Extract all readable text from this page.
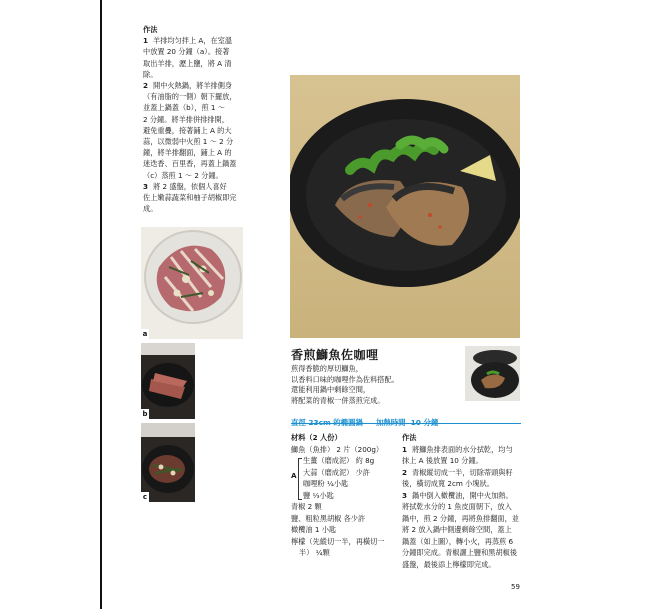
作法

1 羊排均匀拌上 A，在室溫
中放置 20 分鐘（a）。接著
取出羊排，瀝上鹽，將 A 清
除。

2 開中火熱鍋，將羊排側身
（有油脂的一側）朝下擺放，
並蓋上鍋蓋（b），煎 1 ～
2 分鐘。將羊排併排排開，
避免重疊，接著鋪上 A 的大
蒜，以微弱中火煎 1 ～ 2 分
鐘，將羊排翻面，鋪上 A 的
迷迭香、百里香，再蓋上鍋蓋
（c）蒸煎 1 ～ 2 分鐘。

3 將 2 盛盤，依個人喜好
佐上嫩蒜蔬菜和柚子胡椒即完
成。

a
b
c
香煎鰤魚佐咖哩
煎得香脆的厚切鰤魚，
以香料口味的咖哩作為佐料搭配。
還能利用鍋中剩餘空間，
將配菜的青椒一併蒸煎完成。
直徑 23cm 的橢圓鍋 加熱時間 10 分鐘
材料（2 人份）
鰤魚（魚排） 2 片（200g）
A
生薑（磨成泥） 約 8g
大蒜（磨成泥） 少許
咖哩粉 ¼小匙
鹽 ⅓小匙
青椒 2 顆
鹽、粗粒黑胡椒 各少許
橄欖油 1 小匙
檸檬（先縱切一半，再橫切一
半） ¼顆
作法
1 將鰤魚排表面的水分拭乾，均勻
抹上 A 後放置 10 分鐘。
2 青椒縱切成一半，切除蒂頭與籽
後，橫切成寬 2cm 小塊狀。
3 鍋中倒入橄欖油，開中火加熱。
將拭乾水分的 1 魚皮面朝下，放入
鍋中，煎 2 分鐘，再將魚排翻面，並
將 2 放入鍋中側邊剩餘空間，蓋上
鍋蓋（如上圖），轉小火，再蒸煎 6
分鐘即完成。青椒灑上鹽和黑胡椒後
盛盤，最後添上檸檬即完成。
59
